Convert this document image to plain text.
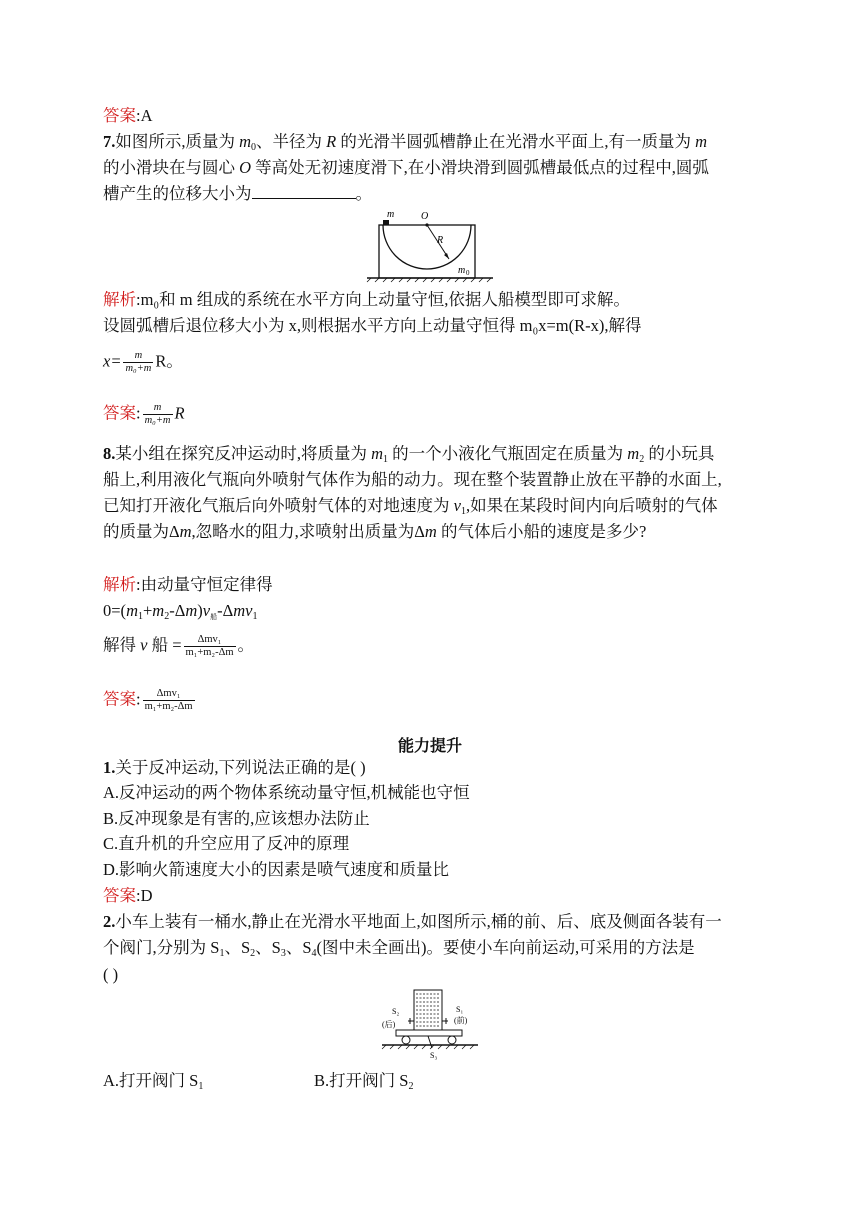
答案:A
7.如图所示,质量为 $m_0$、半径为 R 的光滑半圆弧槽静止在光滑水平面上,有一质量为 m
的小滑块在与圆心 O 等高处无初速度滑下,在小滑块滑到圆弧槽最低点的过程中,圆弧
槽产生的位移大小为	。
m	O
R
m 0
解析:m₀和 m 组成的系统在水平方向上动量守恒,依据人船模型即可求解。
设圆弧槽后退位移大小为 x,则根据水平方向上动量守恒得 m₀x=m(R-x),解得
$x= \frac{m}{\text{m₀+m}}$ R。
答案: $\frac{m}{\text{m₀+m}}$ R
8.某小组在探究反冲运动时,将质量为 $m_1$ 的一个小液化气瓶固定在质量为 $m_2$ 的小玩具
船上,利用液化气瓶向外喷射气体作为船的动力。现在整个装置静止放在平静的水面上,
已知打开液化气瓶后向外喷射气体的对地速度为 $v_1$,如果在某段时间内向后喷射的气体
的质量为Δm,忽略水的阻力,求喷射出质量为Δm 的气体后小船的速度是多少?
解析:由动量守恒定律得
$0=(m_1+m_2-\Delta m)v_船-\Delta mv_1$
解得 v 船 = $\frac{\text{Δmv₁}}{\text{m₁+m₂-Δm}}$ 。
答案: $\frac{\text{Δmv₁}}{\text{m₁+m₂-Δm}}$
能力提升
1.关于反冲运动,下列说法正确的是( )
A.反冲运动的两个物体系统动量守恒,机械能也守恒
B.反冲现象是有害的,应该想办法防止
C.直升机的升空应用了反冲的原理
D.影响火箭速度大小的因素是喷气速度和质量比
答案:D
2.小车上装有一桶水,静止在光滑水平地面上,如图所示,桶的前、后、底及侧面各装有一
个阀门,分别为 $S_1$、$S_2$、$S_3$、$S_4$(图中未全画出)。要使小车向前运动,可采用的方法是
( )
S₂
(后)
S₁
(前)
S₃
A.打开阀门 $S_1$	B.打开阀门 $S_2$
